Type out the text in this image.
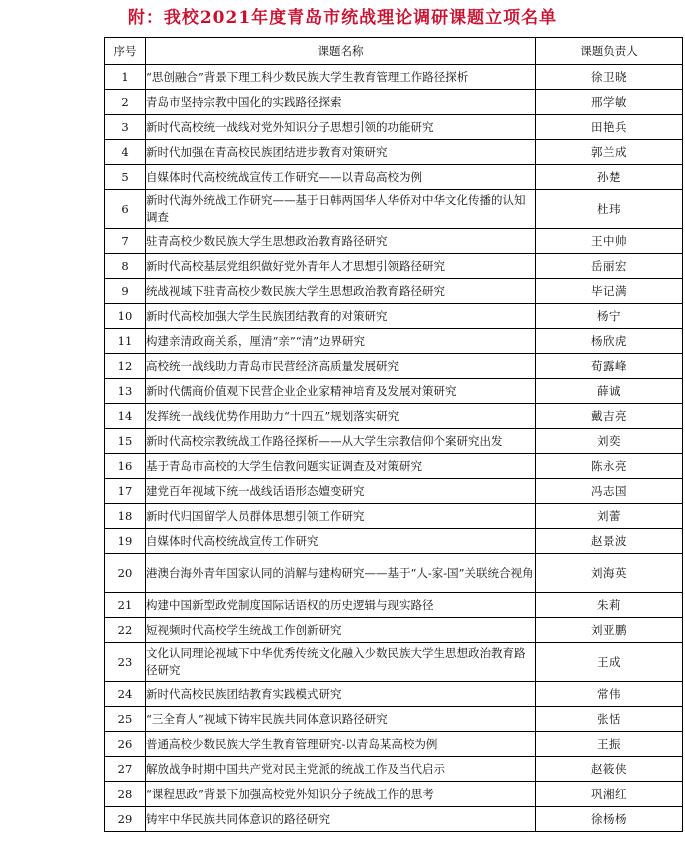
附：我校2021年度青岛市统战理论调研课题立项名单
序号	课题名称	课题负责人
1	“思创融合”背景下理工科少数民族大学生教育管理工作路径探析	徐卫晓
2	青岛市坚持宗教中国化的实践路径探索	邢学敏
3	新时代高校统一战线对党外知识分子思想引领的功能研究	田艳兵
4	新时代加强在青高校民族团结进步教育对策研究	郭兰成
5	自媒体时代高校统战宣传工作研究——以青岛高校为例	孙楚
6	新时代海外统战工作研究——基于日韩两国华人华侨对中华文化传播的认知调查	杜玮
7	驻青高校少数民族大学生思想政治教育路径研究	王中帅
8	新时代高校基层党组织做好党外青年人才思想引领路径研究	岳丽宏
9	统战视域下驻青高校少数民族大学生思想政治教育路径研究	毕记满
10	新时代高校加强大学生民族团结教育的对策研究	杨宁
11	构建亲清政商关系，厘清“亲”“清”边界研究	杨欣虎
12	高校统一战线助力青岛市民营经济高质量发展研究	荀露峰
13	新时代儒商价值观下民营企业企业家精神培育及发展对策研究	薛诚
14	发挥统一战线优势作用助力“十四五”规划落实研究	戴吉亮
15	新时代高校宗教统战工作路径探析——从大学生宗教信仰个案研究出发	刘奕
16	基于青岛市高校的大学生信教问题实证调查及对策研究	陈永亮
17	建党百年视域下统一战线话语形态嬗变研究	冯志国
18	新时代归国留学人员群体思想引领工作研究	刘蕾
19	自媒体时代高校统战宣传工作研究	赵景波
20	港澳台海外青年国家认同的消解与建构研究——基于“人-家-国”关联统合视角	刘海英
21	构建中国新型政党制度国际话语权的历史逻辑与现实路径	朱莉
22	短视频时代高校学生统战工作创新研究	刘亚鹏
23	文化认同理论视域下中华优秀传统文化融入少数民族大学生思想政治教育路径研究	王成
24	新时代高校民族团结教育实践模式研究	常伟
25	“三全育人”视域下铸牢民族共同体意识路径研究	张恬
26	普通高校少数民族大学生教育管理研究-以青岛某高校为例	王振
27	解放战争时期中国共产党对民主党派的统战工作及当代启示	赵筱侠
28	“课程思政”背景下加强高校党外知识分子统战工作的思考	巩湘红
29	铸牢中华民族共同体意识的路径研究	徐杨杨
